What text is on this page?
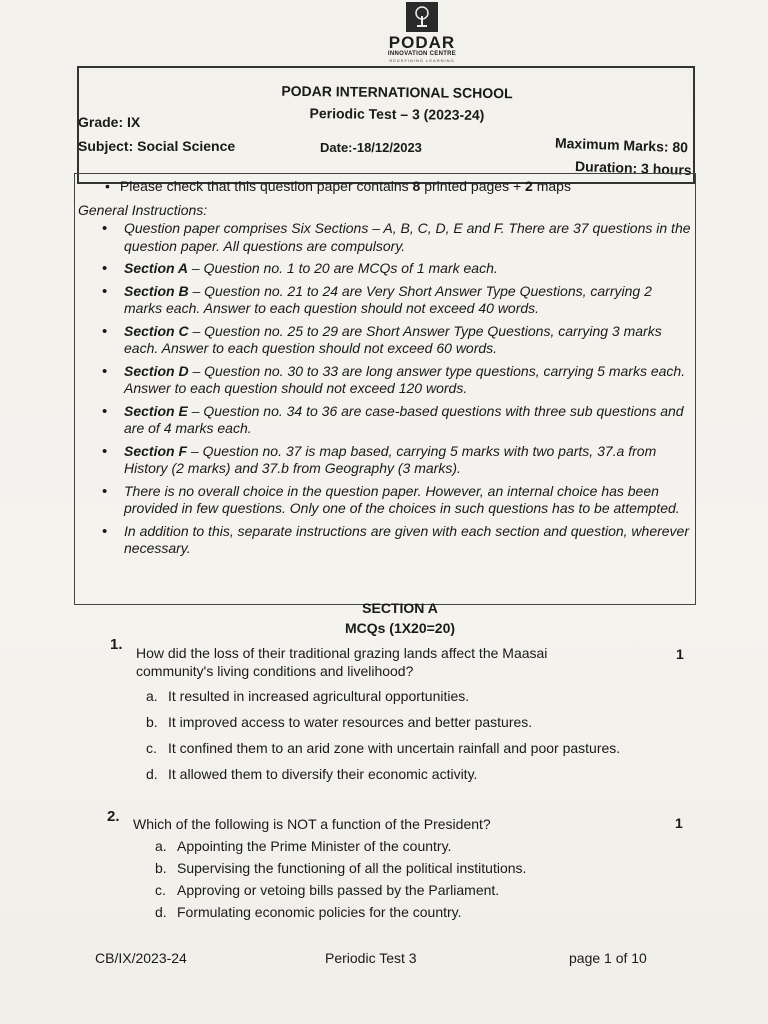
PODAR
INNOVATION CENTRE
REDEFINING LEARNING
PODAR INTERNATIONAL SCHOOL
Periodic Test – 3 (2023-24)
Grade: IX
Subject: Social Science	Date:-18/12/2023	Maximum Marks: 80
Duration: 3 hours
• Please check that this question paper contains 8 printed pages + 2 maps
General Instructions:
• Question paper comprises Six Sections – A, B, C, D, E and F. There are 37 questions in the question paper. All questions are compulsory.
• Section A – Question no. 1 to 20 are MCQs of 1 mark each.
• Section B – Question no. 21 to 24 are Very Short Answer Type Questions, carrying 2 marks each. Answer to each question should not exceed 40 words.
• Section C – Question no. 25 to 29 are Short Answer Type Questions, carrying 3 marks each. Answer to each question should not exceed 60 words.
• Section D – Question no. 30 to 33 are long answer type questions, carrying 5 marks each. Answer to each question should not exceed 120 words.
• Section E – Question no. 34 to 36 are case-based questions with three sub questions and are of 4 marks each.
• Section F – Question no. 37 is map based, carrying 5 marks with two parts, 37.a from History (2 marks) and 37.b from Geography (3 marks).
• There is no overall choice in the question paper. However, an internal choice has been provided in few questions. Only one of the choices in such questions has to be attempted.
• In addition to this, separate instructions are given with each section and question, wherever necessary.
SECTION A
MCQs (1X20=20)
1. How did the loss of their traditional grazing lands affect the Maasai
community's living conditions and livelihood?
1
a. It resulted in increased agricultural opportunities.
b. It improved access to water resources and better pastures.
c. It confined them to an arid zone with uncertain rainfall and poor pastures.
d. It allowed them to diversify their economic activity.
2. Which of the following is NOT a function of the President?	1
a. Appointing the Prime Minister of the country.
b. Supervising the functioning of all the political institutions.
c. Approving or vetoing bills passed by the Parliament.
d. Formulating economic policies for the country.
CB/IX/2023-24	Periodic Test 3	page 1 of 10
